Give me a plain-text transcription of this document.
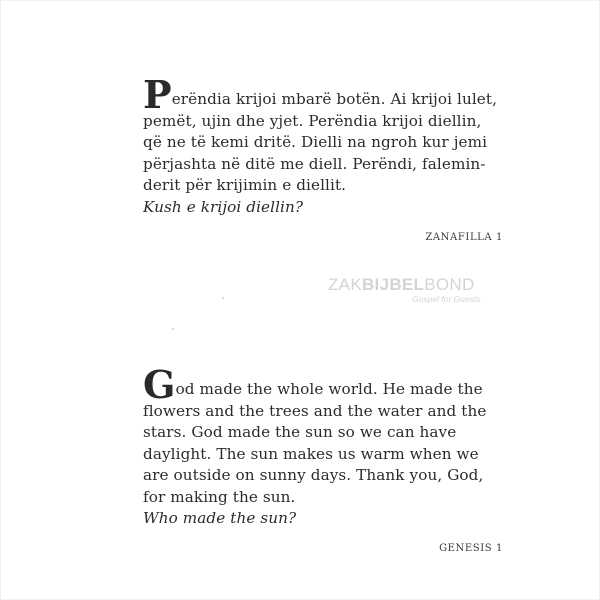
Perëndia krijoi mbarë botën. Ai krijoi lulet,

pemët, ujin dhe yjet. Perëndia krijoi diellin,

që ne të kemi dritë. Dielli na ngroh kur jemi

përjashta në ditë me diell. Perëndi, falemin-

derit për krijimin e diellit.

Kush e krijoi diellin?

ZANAFILLA 1
ZAKBIJBELBOND
Gospel for Guests

God made the whole world. He made the

flowers and the trees and the water and the

stars. God made the sun so we can have

daylight. The sun makes us warm when we

are outside on sunny days. Thank you, God,

for making the sun.

Who made the sun?

GENESIS 1
